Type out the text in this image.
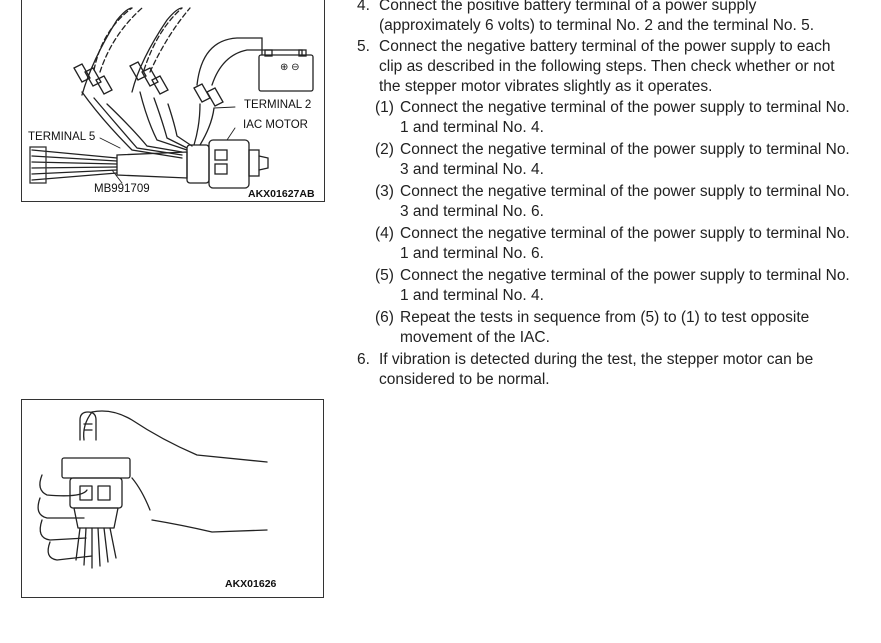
⊕ ⊖
TERMINAL 2
IAC MOTOR
TERMINAL 5
MB991709	AKX01627AB
AKX01626
4. Connect the positive battery terminal of a power supply (approximately 6 volts) to terminal No. 2 and the terminal No. 5.
5. Connect the negative battery terminal of the power supply to each clip as described in the following steps. Then check whether or not the stepper motor vibrates slightly as it operates.
(1) Connect the negative terminal of the power supply to terminal No. 1 and terminal No. 4.
(2) Connect the negative terminal of the power supply to terminal No. 3 and terminal No. 4.
(3) Connect the negative terminal of the power supply to terminal No. 3 and terminal No. 6.
(4) Connect the negative terminal of the power supply to terminal No. 1 and terminal No. 6.
(5) Connect the negative terminal of the power supply to terminal No. 1 and terminal No. 4.
(6) Repeat the tests in sequence from (5) to (1) to test opposite movement of the IAC.
6. If vibration is detected during the test, the stepper motor can be considered to be normal.
